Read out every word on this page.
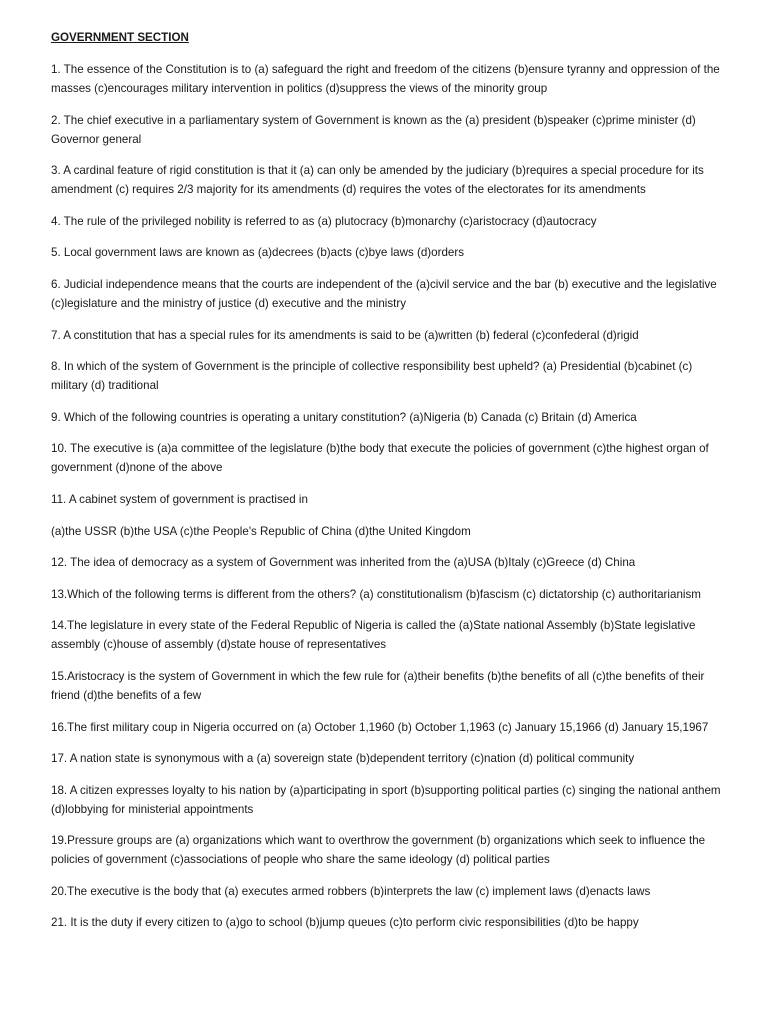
GOVERNMENT SECTION
1. The essence of the Constitution is to (a) safeguard the right and freedom of the citizens (b)ensure tyranny and oppression of the masses (c)encourages military intervention in politics (d)suppress the views of the minority group
2. The chief executive in a parliamentary system of Government is known as the (a) president (b)speaker (c)prime minister (d) Governor general
3. A cardinal feature of rigid constitution is that it (a) can only be amended by the judiciary (b)requires a special procedure for its amendment (c) requires 2/3 majority for its amendments (d) requires the votes of the electorates for its amendments
4. The rule of the privileged nobility is referred to as (a) plutocracy (b)monarchy (c)aristocracy (d)autocracy
5. Local government laws are known as (a)decrees (b)acts (c)bye laws (d)orders
6. Judicial independence means that the courts are independent of the (a)civil service and the bar (b) executive and the legislative (c)legislature and the ministry of justice (d) executive and the ministry
7. A constitution that has a special rules for its amendments is said to be (a)written (b) federal (c)confederal (d)rigid
8. In which of the system of Government is the principle of collective responsibility best upheld? (a) Presidential (b)cabinet (c) military (d) traditional
9. Which of the following countries is operating a unitary constitution? (a)Nigeria (b) Canada (c) Britain (d) America
10. The executive is (a)a committee of the legislature (b)the body that execute the policies of government (c)the highest organ of government (d)none of the above
11. A cabinet system of government is practised in
(a)the USSR (b)the USA (c)the People's Republic of China (d)the United Kingdom
12. The idea of democracy as a system of Government was inherited from the (a)USA (b)Italy (c)Greece (d) China
13.Which of the following terms is different from the others? (a) constitutionalism (b)fascism (c) dictatorship (c) authoritarianism
14.The legislature in every state of the Federal Republic of Nigeria is called the (a)State national Assembly (b)State legislative assembly (c)house of assembly (d)state house of representatives
15.Aristocracy is the system of Government in which the few rule for (a)their benefits (b)the benefits of all (c)the benefits of their friend (d)the benefits of a few
16.The first military coup in Nigeria occurred on (a) October 1,1960 (b) October 1,1963 (c) January 15,1966 (d) January 15,1967
17. A nation state is synonymous with a (a) sovereign state (b)dependent territory (c)nation (d) political community
18. A citizen expresses loyalty to his nation by (a)participating in sport (b)supporting political parties (c) singing the national anthem (d)lobbying for ministerial appointments
19.Pressure groups are (a) organizations which want to overthrow the government (b) organizations which seek to influence the policies of government (c)associations of people who share the same ideology (d) political parties
20.The executive is the body that (a) executes armed robbers (b)interprets the law (c) implement laws (d)enacts laws
21. It is the duty if every citizen to (a)go to school (b)jump queues (c)to perform civic responsibilities (d)to be happy
